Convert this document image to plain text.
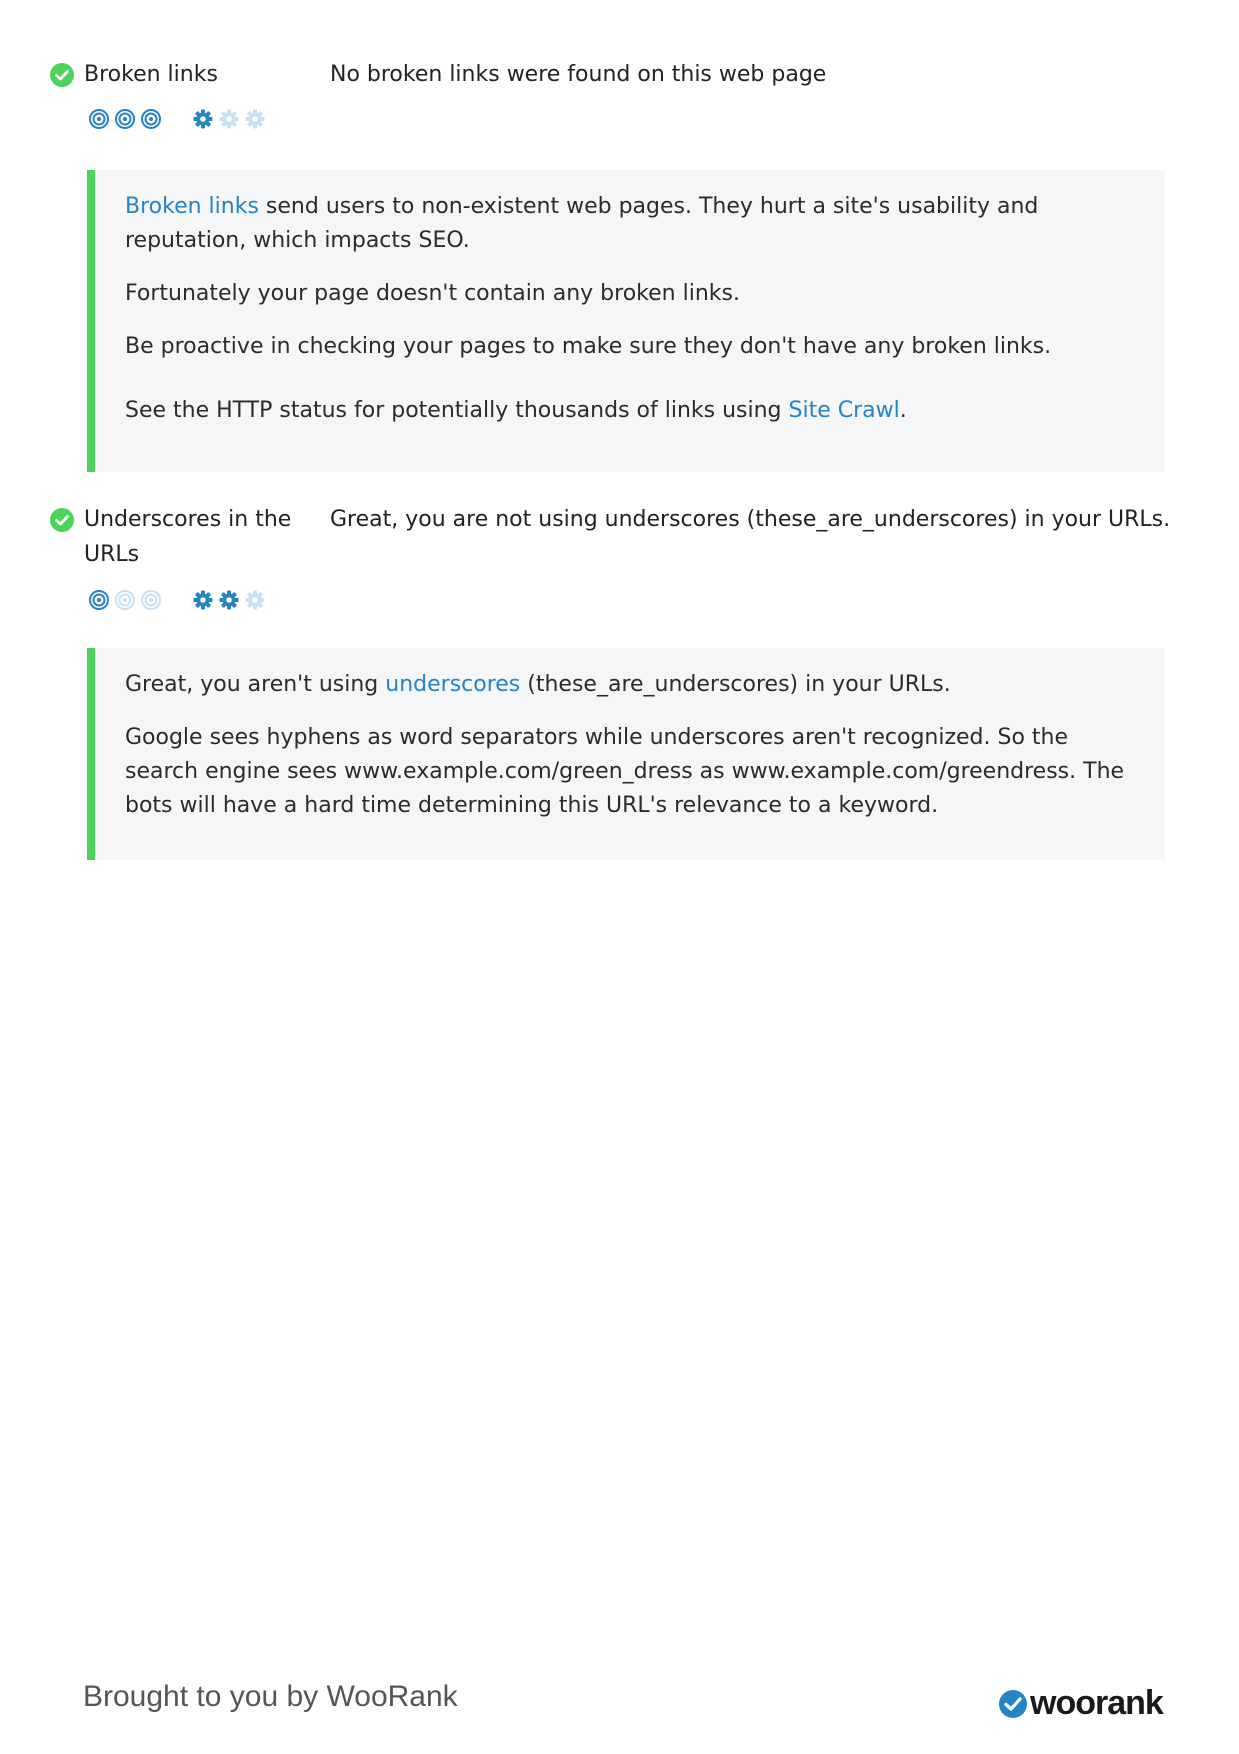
Broken links	No broken links were found on this web page

Broken links send users to non-existent web pages. They hurt a site's usability and reputation, which impacts SEO.

Fortunately your page doesn't contain any broken links.

Be proactive in checking your pages to make sure they don't have any broken links.

See the HTTP status for potentially thousands of links using Site Crawl.

Underscores in the URLs
Great, you are not using underscores (these_are_underscores) in your URLs.

Great, you aren't using underscores (these_are_underscores) in your URLs.

Google sees hyphens as word separators while underscores aren't recognized. So the search engine sees www.example.com/green_dress as www.example.com/greendress. The bots will have a hard time determining this URL's relevance to a keyword.

Brought to you by WooRank	woorank
